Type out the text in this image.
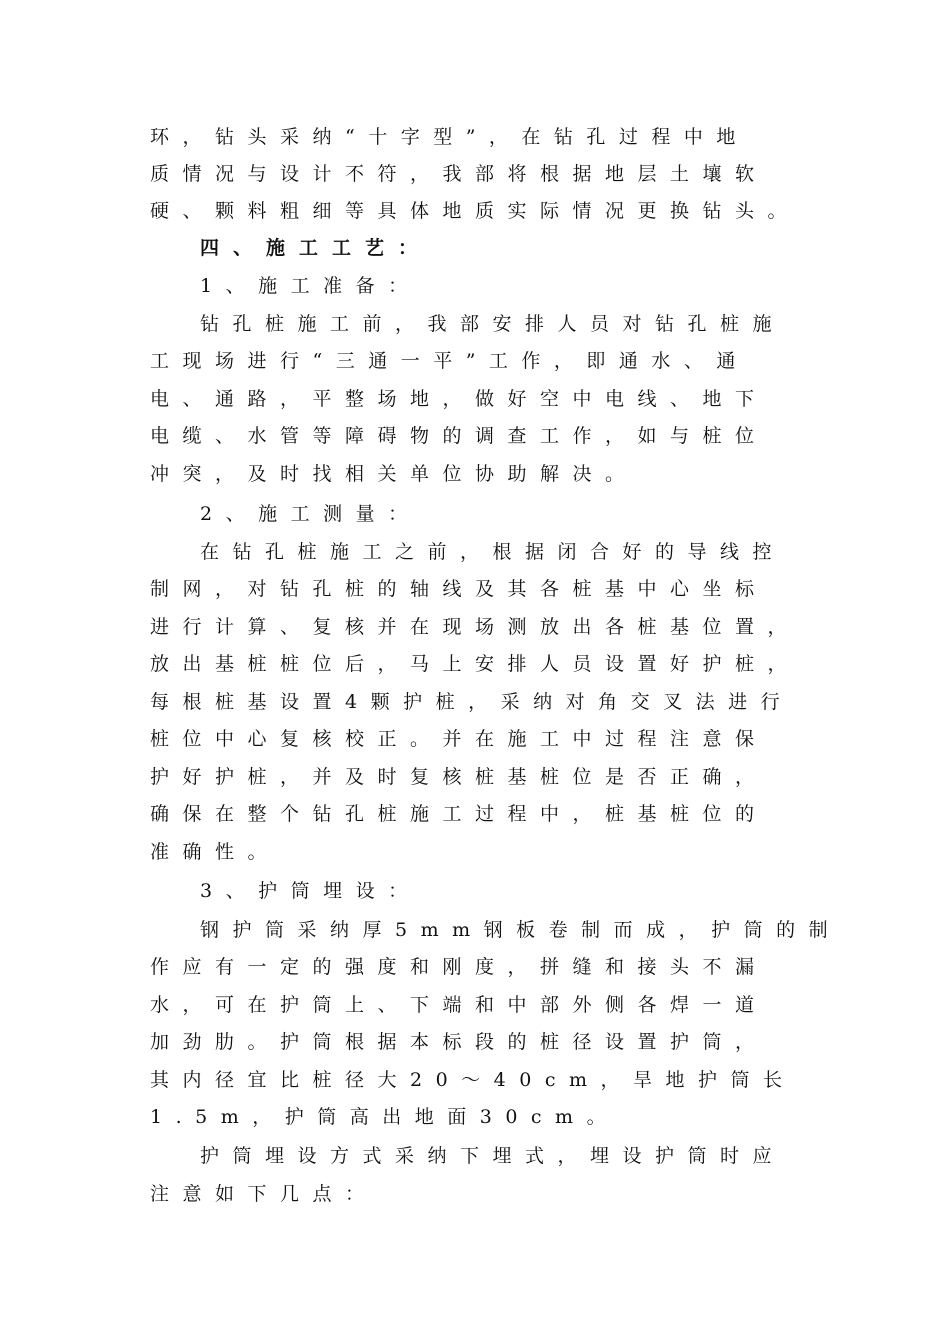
环，钻头采纳“十字型”，在钻孔过程中地

质情况与设计不符，我部将根据地层土壤软

硬、颗料粗细等具体地质实际情况更换钻头。

四、施工工艺：

1、施工准备：

钻孔桩施工前，我部安排人员对钻孔桩施

工现场进行“三通一平”工作，即通水、通

电、通路，平整场地，做好空中电线、地下

电缆、水管等障碍物的调查工作，如与桩位

冲突，及时找相关单位协助解决。

2、施工测量：

在钻孔桩施工之前，根据闭合好的导线控

制网，对钻孔桩的轴线及其各桩基中心坐标

进行计算、复核并在现场测放出各桩基位置，

放出基桩桩位后，马上安排人员设置好护桩，

每根桩基设置4颗护桩，采纳对角交叉法进行

桩位中心复核校正。并在施工中过程注意保

护好护桩，并及时复核桩基桩位是否正确，

确保在整个钻孔桩施工过程中，桩基桩位的

准确性。

3、护筒埋设：

钢护筒采纳厚5mm钢板卷制而成，护筒的制

作应有一定的强度和刚度，拼缝和接头不漏

水，可在护筒上、下端和中部外侧各焊一道

加劲肋。护筒根据本标段的桩径设置护筒，

其内径宜比桩径大20～40cm，旱地护筒长

1.5m，护筒高出地面30cm。

护筒埋设方式采纳下埋式，埋设护筒时应

注意如下几点：
